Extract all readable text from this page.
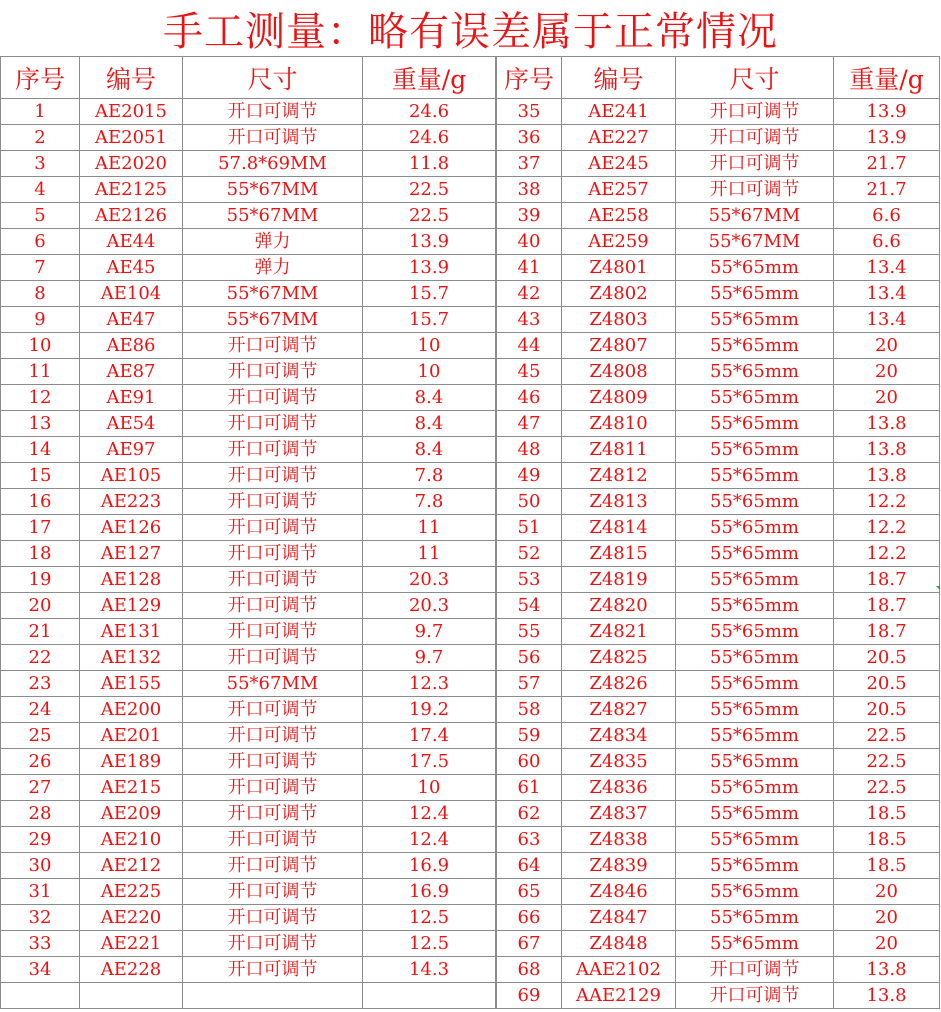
手工测量：略有误差属于正常情况
序号	编号	尺寸	重量/g		序号	编号	尺寸	重量/g
1	AE2015	开口可调节	24.6		35	AE241	开口可调节	13.9
2	AE2051	开口可调节	24.6		36	AE227	开口可调节	13.9
3	AE2020	57.8*69MM	11.8		37	AE245	开口可调节	21.7
4	AE2125	55*67MM	22.5		38	AE257	开口可调节	21.7
5	AE2126	55*67MM	22.5		39	AE258	55*67MM	6.6
6	AE44	弹力	13.9		40	AE259	55*67MM	6.6
7	AE45	弹力	13.9		41	Z4801	55*65mm	13.4
8	AE104	55*67MM	15.7		42	Z4802	55*65mm	13.4
9	AE47	55*67MM	15.7		43	Z4803	55*65mm	13.4
10	AE86	开口可调节	10		44	Z4807	55*65mm	20
11	AE87	开口可调节	10		45	Z4808	55*65mm	20
12	AE91	开口可调节	8.4		46	Z4809	55*65mm	20
13	AE54	开口可调节	8.4		47	Z4810	55*65mm	13.8
14	AE97	开口可调节	8.4		48	Z4811	55*65mm	13.8
15	AE105	开口可调节	7.8		49	Z4812	55*65mm	13.8
16	AE223	开口可调节	7.8		50	Z4813	55*65mm	12.2
17	AE126	开口可调节	11		51	Z4814	55*65mm	12.2
18	AE127	开口可调节	11		52	Z4815	55*65mm	12.2
19	AE128	开口可调节	20.3		53	Z4819	55*65mm	18.7
20	AE129	开口可调节	20.3		54	Z4820	55*65mm	18.7
21	AE131	开口可调节	9.7		55	Z4821	55*65mm	18.7
22	AE132	开口可调节	9.7		56	Z4825	55*65mm	20.5
23	AE155	55*67MM	12.3		57	Z4826	55*65mm	20.5
24	AE200	开口可调节	19.2		58	Z4827	55*65mm	20.5
25	AE201	开口可调节	17.4		59	Z4834	55*65mm	22.5
26	AE189	开口可调节	17.5		60	Z4835	55*65mm	22.5
27	AE215	开口可调节	10		61	Z4836	55*65mm	22.5
28	AE209	开口可调节	12.4		62	Z4837	55*65mm	18.5
29	AE210	开口可调节	12.4		63	Z4838	55*65mm	18.5
30	AE212	开口可调节	16.9		64	Z4839	55*65mm	18.5
31	AE225	开口可调节	16.9		65	Z4846	55*65mm	20
32	AE220	开口可调节	12.5		66	Z4847	55*65mm	20
33	AE221	开口可调节	12.5		67	Z4848	55*65mm	20
34	AE228	开口可调节	14.3		68	AAE2102	开口可调节	13.8
					69	AAE2129	开口可调节	13.8
